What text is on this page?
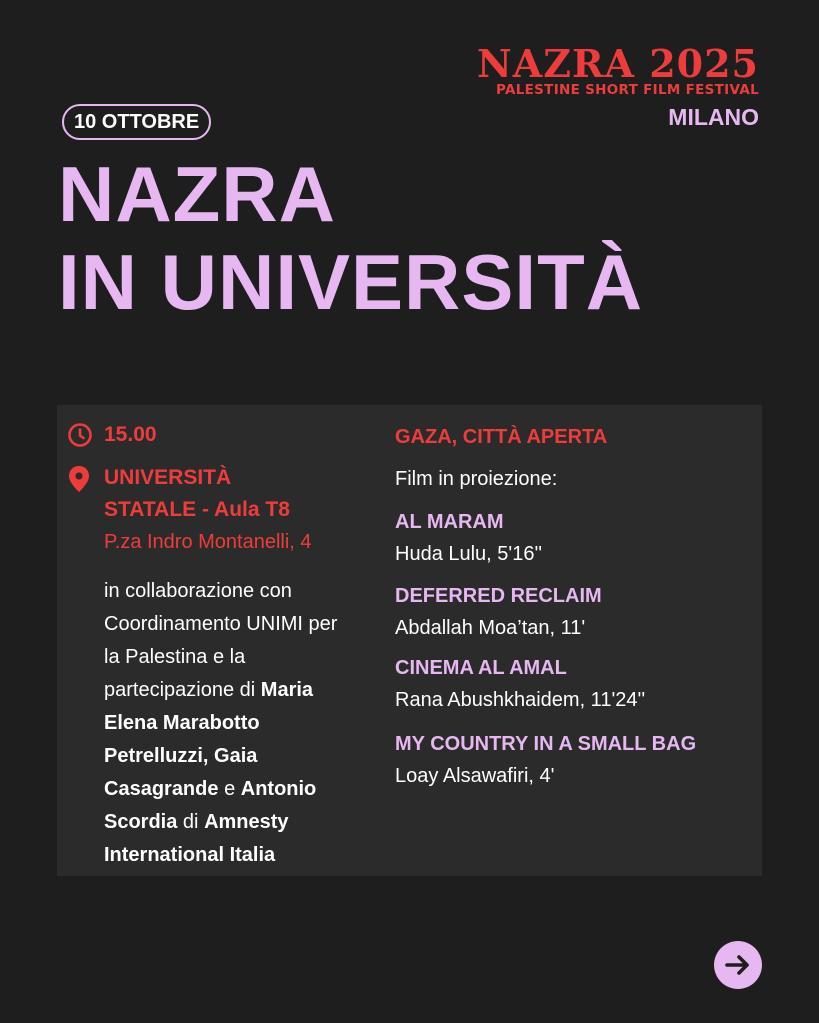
NAZRA 2025
PALESTINE SHORT FILM FESTIVAL
MILANO
10 OTTOBRE
NAZRA
IN UNIVERSITÀ
15.00
UNIVERSITÀ
STATALE - Aula T8
P.za Indro Montanelli, 4
in collaborazione con Coordinamento UNIMI per la Palestina e la partecipazione di Maria Elena Marabotto Petrelluzzi, Gaia Casagrande e Antonio Scordia di Amnesty International Italia
GAZA, CITTÀ APERTA
Film in proiezione:
AL MARAM
Huda Lulu, 5'16''
DEFERRED RECLAIM
Abdallah Moa’tan, 11'
CINEMA AL AMAL
Rana Abushkhaidem, 11'24''
MY COUNTRY IN A SMALL BAG
Loay Alsawafiri, 4'
